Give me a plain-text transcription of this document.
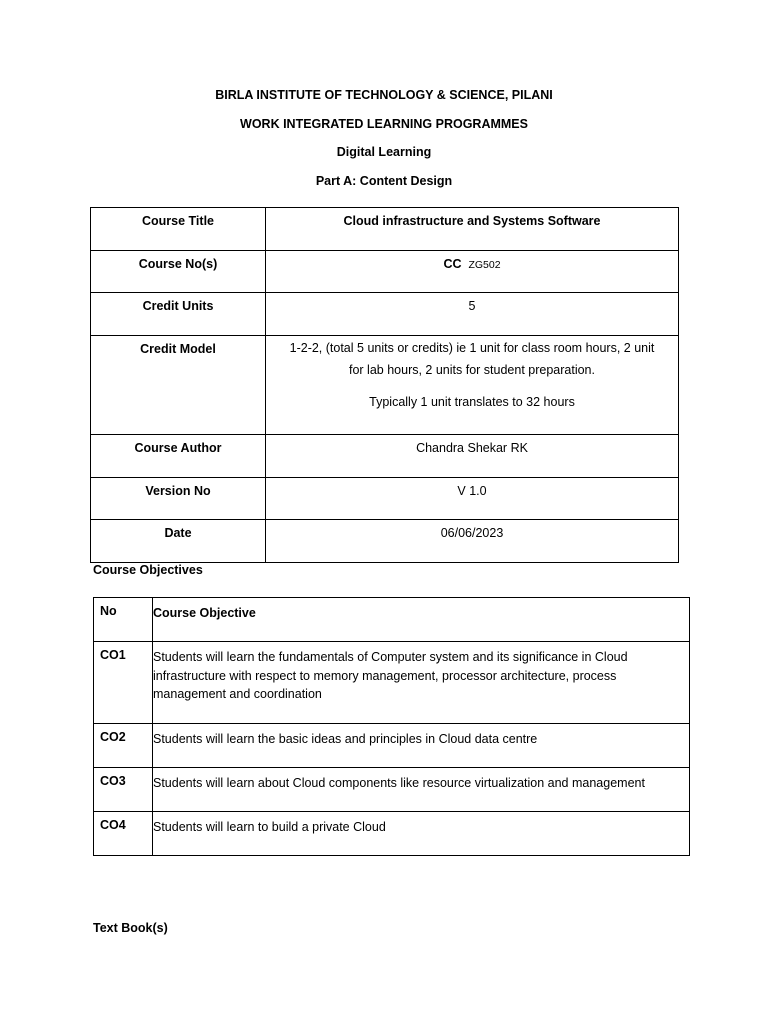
BIRLA INSTITUTE OF TECHNOLOGY & SCIENCE, PILANI
WORK INTEGRATED LEARNING PROGRAMMES
Digital Learning
Part A: Content Design
Course Title	Cloud infrastructure and Systems Software
Course No(s)	CC ZG502
Credit Units	5
Credit Model	1-2-2, (total 5 units or credits) ie 1 unit for class room hours, 2 unit
for lab hours, 2 units for student preparation.
Typically 1 unit translates to 32 hours

Course Author	Chandra Shekar RK
Version No	V 1.0
Date	06/06/2023
Course Objectives
No	Course Objective
CO1	Students will learn the fundamentals of Computer system and its significance in Cloud
infrastructure with respect to memory management, processor architecture, process
management and coordination

CO2	Students will learn the basic ideas and principles in Cloud data centre
CO3	Students will learn about Cloud components like resource virtualization and management
CO4	Students will learn to build a private Cloud
Text Book(s)
